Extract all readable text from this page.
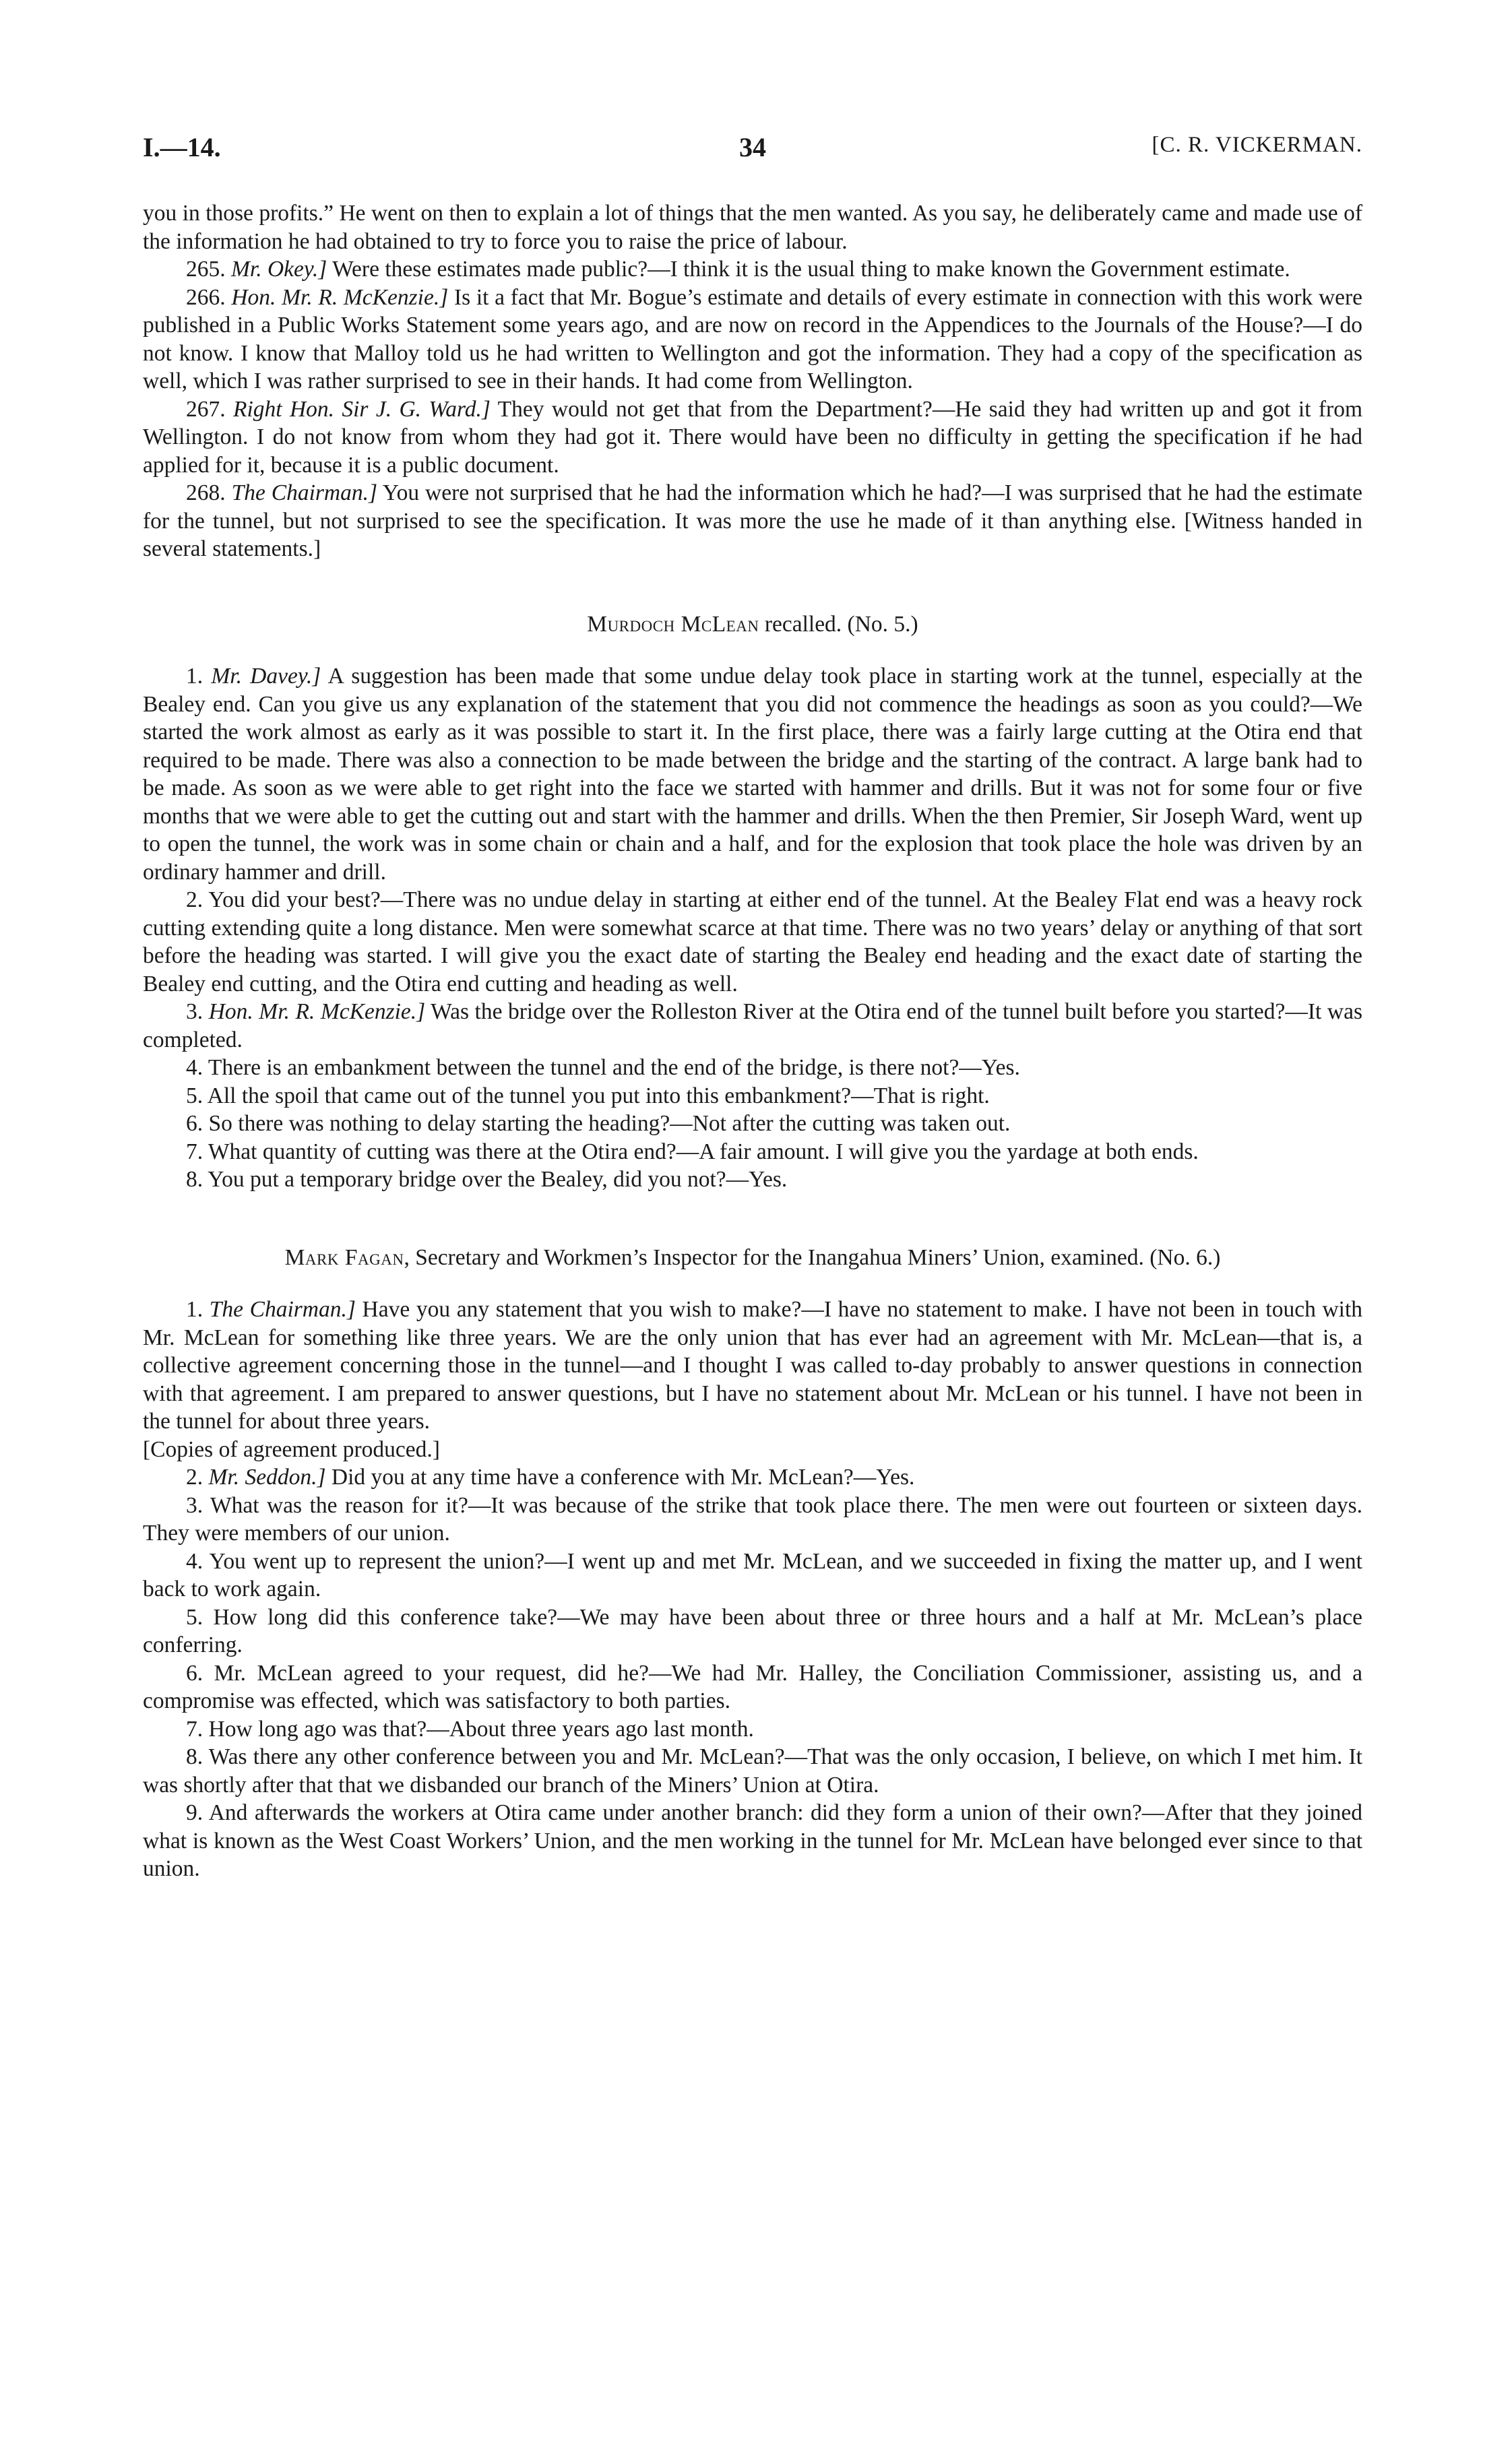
I.—14.	34	[C. R. VICKERMAN.

you in those profits.” He went on then to explain a lot of things that the men wanted. As you say, he deliberately came and made use of the information he had obtained to try to force you to raise the price of labour.

265. Mr. Okey.] Were these estimates made public?—I think it is the usual thing to make known the Government estimate.

266. Hon. Mr. R. McKenzie.] Is it a fact that Mr. Bogue’s estimate and details of every estimate in connection with this work were published in a Public Works Statement some years ago, and are now on record in the Appendices to the Journals of the House?—I do not know. I know that Malloy told us he had written to Wellington and got the information. They had a copy of the specification as well, which I was rather surprised to see in their hands. It had come from Wellington.

267. Right Hon. Sir J. G. Ward.] They would not get that from the Department?—He said they had written up and got it from Wellington. I do not know from whom they had got it. There would have been no difficulty in getting the specification if he had applied for it, because it is a public document.

268. The Chairman.] You were not surprised that he had the information which he had?—I was surprised that he had the estimate for the tunnel, but not surprised to see the specification. It was more the use he made of it than anything else. [Witness handed in several statements.]

Murdoch McLean recalled. (No. 5.)

1. Mr. Davey.] A suggestion has been made that some undue delay took place in starting work at the tunnel, especially at the Bealey end. Can you give us any explanation of the statement that you did not commence the headings as soon as you could?—We started the work almost as early as it was possible to start it. In the first place, there was a fairly large cutting at the Otira end that required to be made. There was also a connection to be made between the bridge and the starting of the contract. A large bank had to be made. As soon as we were able to get right into the face we started with hammer and drills. But it was not for some four or five months that we were able to get the cutting out and start with the hammer and drills. When the then Premier, Sir Joseph Ward, went up to open the tunnel, the work was in some chain or chain and a half, and for the explosion that took place the hole was driven by an ordinary hammer and drill.

2. You did your best?—There was no undue delay in starting at either end of the tunnel. At the Bealey Flat end was a heavy rock cutting extending quite a long distance. Men were somewhat scarce at that time. There was no two years’ delay or anything of that sort before the heading was started. I will give you the exact date of starting the Bealey end heading and the exact date of starting the Bealey end cutting, and the Otira end cutting and heading as well.

3. Hon. Mr. R. McKenzie.] Was the bridge over the Rolleston River at the Otira end of the tunnel built before you started?—It was completed.

4. There is an embankment between the tunnel and the end of the bridge, is there not?—Yes.

5. All the spoil that came out of the tunnel you put into this embankment?—That is right.

6. So there was nothing to delay starting the heading?—Not after the cutting was taken out.

7. What quantity of cutting was there at the Otira end?—A fair amount. I will give you the yardage at both ends.

8. You put a temporary bridge over the Bealey, did you not?—Yes.

Mark Fagan, Secretary and Workmen’s Inspector for the Inangahua Miners’ Union, examined. (No. 6.)

1. The Chairman.] Have you any statement that you wish to make?—I have no statement to make. I have not been in touch with Mr. McLean for something like three years. We are the only union that has ever had an agreement with Mr. McLean—that is, a collective agreement concerning those in the tunnel—and I thought I was called to-day probably to answer questions in connection with that agreement. I am prepared to answer questions, but I have no statement about Mr. McLean or his tunnel. I have not been in the tunnel for about three years.

[Copies of agreement produced.]

2. Mr. Seddon.] Did you at any time have a conference with Mr. McLean?—Yes.

3. What was the reason for it?—It was because of the strike that took place there. The men were out fourteen or sixteen days. They were members of our union.

4. You went up to represent the union?—I went up and met Mr. McLean, and we succeeded in fixing the matter up, and I went back to work again.

5. How long did this conference take?—We may have been about three or three hours and a half at Mr. McLean’s place conferring.

6. Mr. McLean agreed to your request, did he?—We had Mr. Halley, the Conciliation Commissioner, assisting us, and a compromise was effected, which was satisfactory to both parties.

7. How long ago was that?—About three years ago last month.

8. Was there any other conference between you and Mr. McLean?—That was the only occasion, I believe, on which I met him. It was shortly after that that we disbanded our branch of the Miners’ Union at Otira.

9. And afterwards the workers at Otira came under another branch: did they form a union of their own?—After that they joined what is known as the West Coast Workers’ Union, and the men working in the tunnel for Mr. McLean have belonged ever since to that union.
